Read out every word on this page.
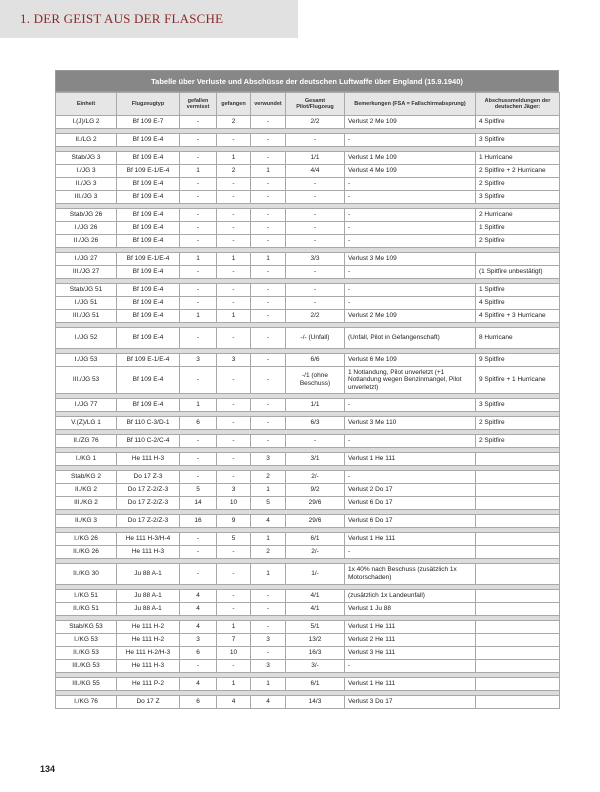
1. DER GEIST AUS DER FLASCHE
Tabelle über Verluste und Abschüsse der deutschen Luftwaffe über England (15.9.1940)
Einheit	Flugzeugtyp	gefallen vermisst	gefangen	verwundet	Gesamt Pilot/Flugzeug	Bemerkungen (FSA = Fallschirmabsprung)	Abschussmeldungen der deutschen Jäger:
I.(J)/LG 2	Bf 109 E-7	-	2	-	2/2	Verlust 2 Me 109	4 Spitfire

II./LG 2	Bf 109 E-4	-	-	-	-	-	3 Spitfire

Stab/JG 3	Bf 109 E-4	-	1	-	1/1	Verlust 1 Me 109	1 Hurricane
I./JG 3	Bf 109 E-1/E-4	1	2	1	4/4	Verlust 4 Me 109	2 Spitfire + 2 Hurricane
II./JG 3	Bf 109 E-4	-	-	-	-	-	2 Spitfire
III./JG 3	Bf 109 E-4	-	-	-	-	-	3 Spitfire

Stab/JG 26	Bf 109 E-4	-	-	-	-	-	2 Hurricane
I./JG 26	Bf 109 E-4	-	-	-	-	-	1 Spitfire
II./JG 26	Bf 109 E-4	-	-	-	-	-	2 Spitfire

I./JG 27	Bf 109 E-1/E-4	1	1	1	3/3	Verlust 3 Me 109	
III./JG 27	Bf 109 E-4	-	-	-	-	-	(1 Spitfire unbestätigt)

Stab/JG 51	Bf 109 E-4	-	-	-	-	-	1 Spitfire
I./JG 51	Bf 109 E-4	-	-	-	-	-	4 Spitfire
III./JG 51	Bf 109 E-4	1	1	-	2/2	Verlust 2 Me 109	4 Spitfire + 3 Hurricane

I./JG 52	Bf 109 E-4	-	-	-	-/- (Unfall)	(Unfall, Pilot in Gefangenschaft)	8 Hurricane

I./JG 53	Bf 109 E-1/E-4	3	3	-	6/6	Verlust 6 Me 109	9 Spitfire
III./JG 53	Bf 109 E-4	-	-	-	-/1 (ohne Beschuss)	1 Notlandung, Pilot unverletzt (+1 Notlandung wegen Benzinmangel, Pilot unverletzt)	9 Spitfire + 1 Hurricane

I./JG 77	Bf 109 E-4	1	-	-	1/1	-	3 Spitfire

V.(Z)/LG 1	Bf 110 C-3/D-1	6	-	-	6/3	Verlust 3 Me 110	2 Spitfire

II./ZG 76	Bf 110 C-2/C-4	-	-	-	-	-	2 Spitfire

I./KG 1	He 111 H-3	-	-	3	3/1	Verlust 1 He 111	

Stab/KG 2	Do 17 Z-3	-	-	2	2/-	-	
II./KG 2	Do 17 Z-2/Z-3	5	3	1	9/2	Verlust 2 Do 17	
III./KG 2	Do 17 Z-2/Z-3	14	10	5	29/6	Verlust 6 Do 17	

II./KG 3	Do 17 Z-2/Z-3	16	9	4	29/6	Verlust 6 Do 17	

I./KG 26	He 111 H-3/H-4	-	5	1	6/1	Verlust 1 He 111	
II./KG 26	He 111 H-3	-	-	2	2/-	-	

II./KG 30	Ju 88 A-1	-	-	1	1/-	1x 40% nach Beschuss (zusätzlich 1x Motorschaden)	

I./KG 51	Ju 88 A-1	4	-	-	4/1	(zusätzlich 1x Landeunfall)	
II./KG 51	Ju 88 A-1	4	-	-	4/1	Verlust 1 Ju 88	

Stab/KG 53	He 111 H-2	4	1	-	5/1	Verlust 1 He 111	
I./KG 53	He 111 H-2	3	7	3	13/2	Verlust 2 He 111	
II./KG 53	He 111 H-2/H-3	6	10	-	16/3	Verlust 3 He 111	
III./KG 53	He 111 H-3	-	-	3	3/-	-	

III./KG 55	He 111 P-2	4	1	1	6/1	Verlust 1 He 111	

I./KG 76	Do 17 Z	6	4	4	14/3	Verlust 3 Do 17	
134
